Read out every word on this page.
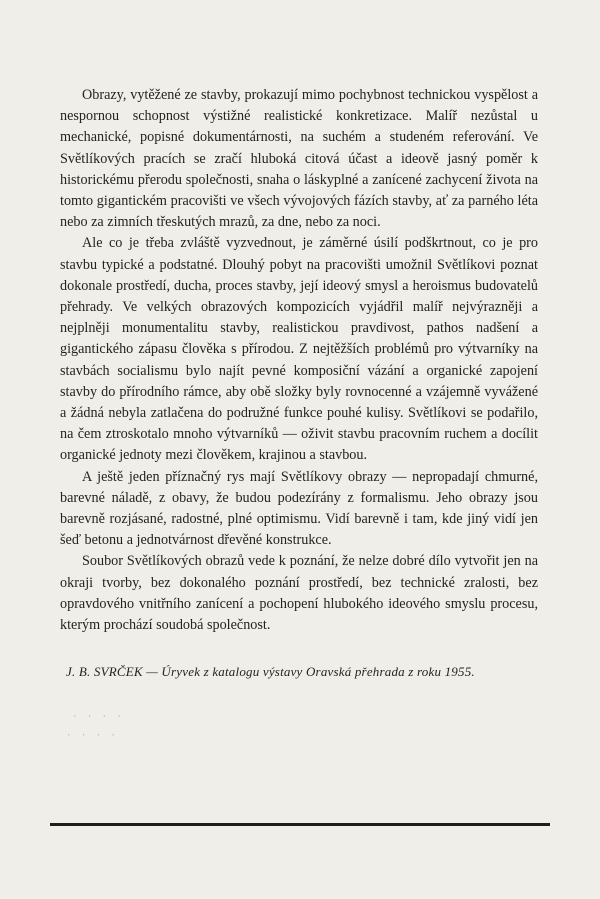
Obrazy, vytěžené ze stavby, prokazují mimo pochybnost technickou vyspělost a nespornou schopnost výstižné realistické konkretizace. Malíř nezůstal u mechanické, popisné dokumentárnosti, na suchém a studeném referování. Ve Světlíkových pracích se zračí hluboká citová účast a ideově jasný poměr k historickému přerodu společnosti, snaha o láskyplné a zanícené zachycení života na tomto gigantickém pracovišti ve všech vývojových fázích stavby, ať za parného léta nebo za zimních třeskutých mrazů, za dne, nebo za noci.

Ale co je třeba zvláště vyzvednout, je záměrné úsilí podškrtnout, co je pro stavbu typické a podstatné. Dlouhý pobyt na pracovišti umožnil Světlíkovi poznat dokonale prostředí, ducha, proces stavby, její ideový smysl a heroismus budovatelů přehrady. Ve velkých obrazových kompozicích vyjádřil malíř nejvýrazněji a nejplněji monumentalitu stavby, realistickou pravdivost, pathos nadšení a gigantického zápasu člověka s přírodou. Z nejtěžších problémů pro výtvarníky na stavbách socialismu bylo najít pevné komposiční vázání a organické zapojení stavby do přírodního rámce, aby obě složky byly rovnocenné a vzájemně vyvážené a žádná nebyla zatlačena do podružné funkce pouhé kulisy. Světlíkovi se podařilo, na čem ztroskotalo mnoho výtvarníků — oživit stavbu pracovním ruchem a docílit organické jednoty mezi člověkem, krajinou a stavbou.

A ještě jeden příznačný rys mají Světlíkovy obrazy — nepropadají chmurné, barevné náladě, z obavy, že budou podezírány z formalismu. Jeho obrazy jsou barevně rozjásané, radostné, plné optimismu. Vidí barevně i tam, kde jiný vidí jen šeď betonu a jednotvárnost dřevěné konstrukce.

Soubor Světlíkových obrazů vede k poznání, že nelze dobré dílo vytvořit jen na okraji tvorby, bez dokonalého poznání prostředí, bez technické zralosti, bez opravdového vnitřního zanícení a pochopení hlubokého ideového smyslu procesu, kterým prochází soudobá společnost.

J. B. SVRČEK — Úryvek z katalogu výstavy Oravská přehrada z roku 1955.
· · · ·
· · · ·
